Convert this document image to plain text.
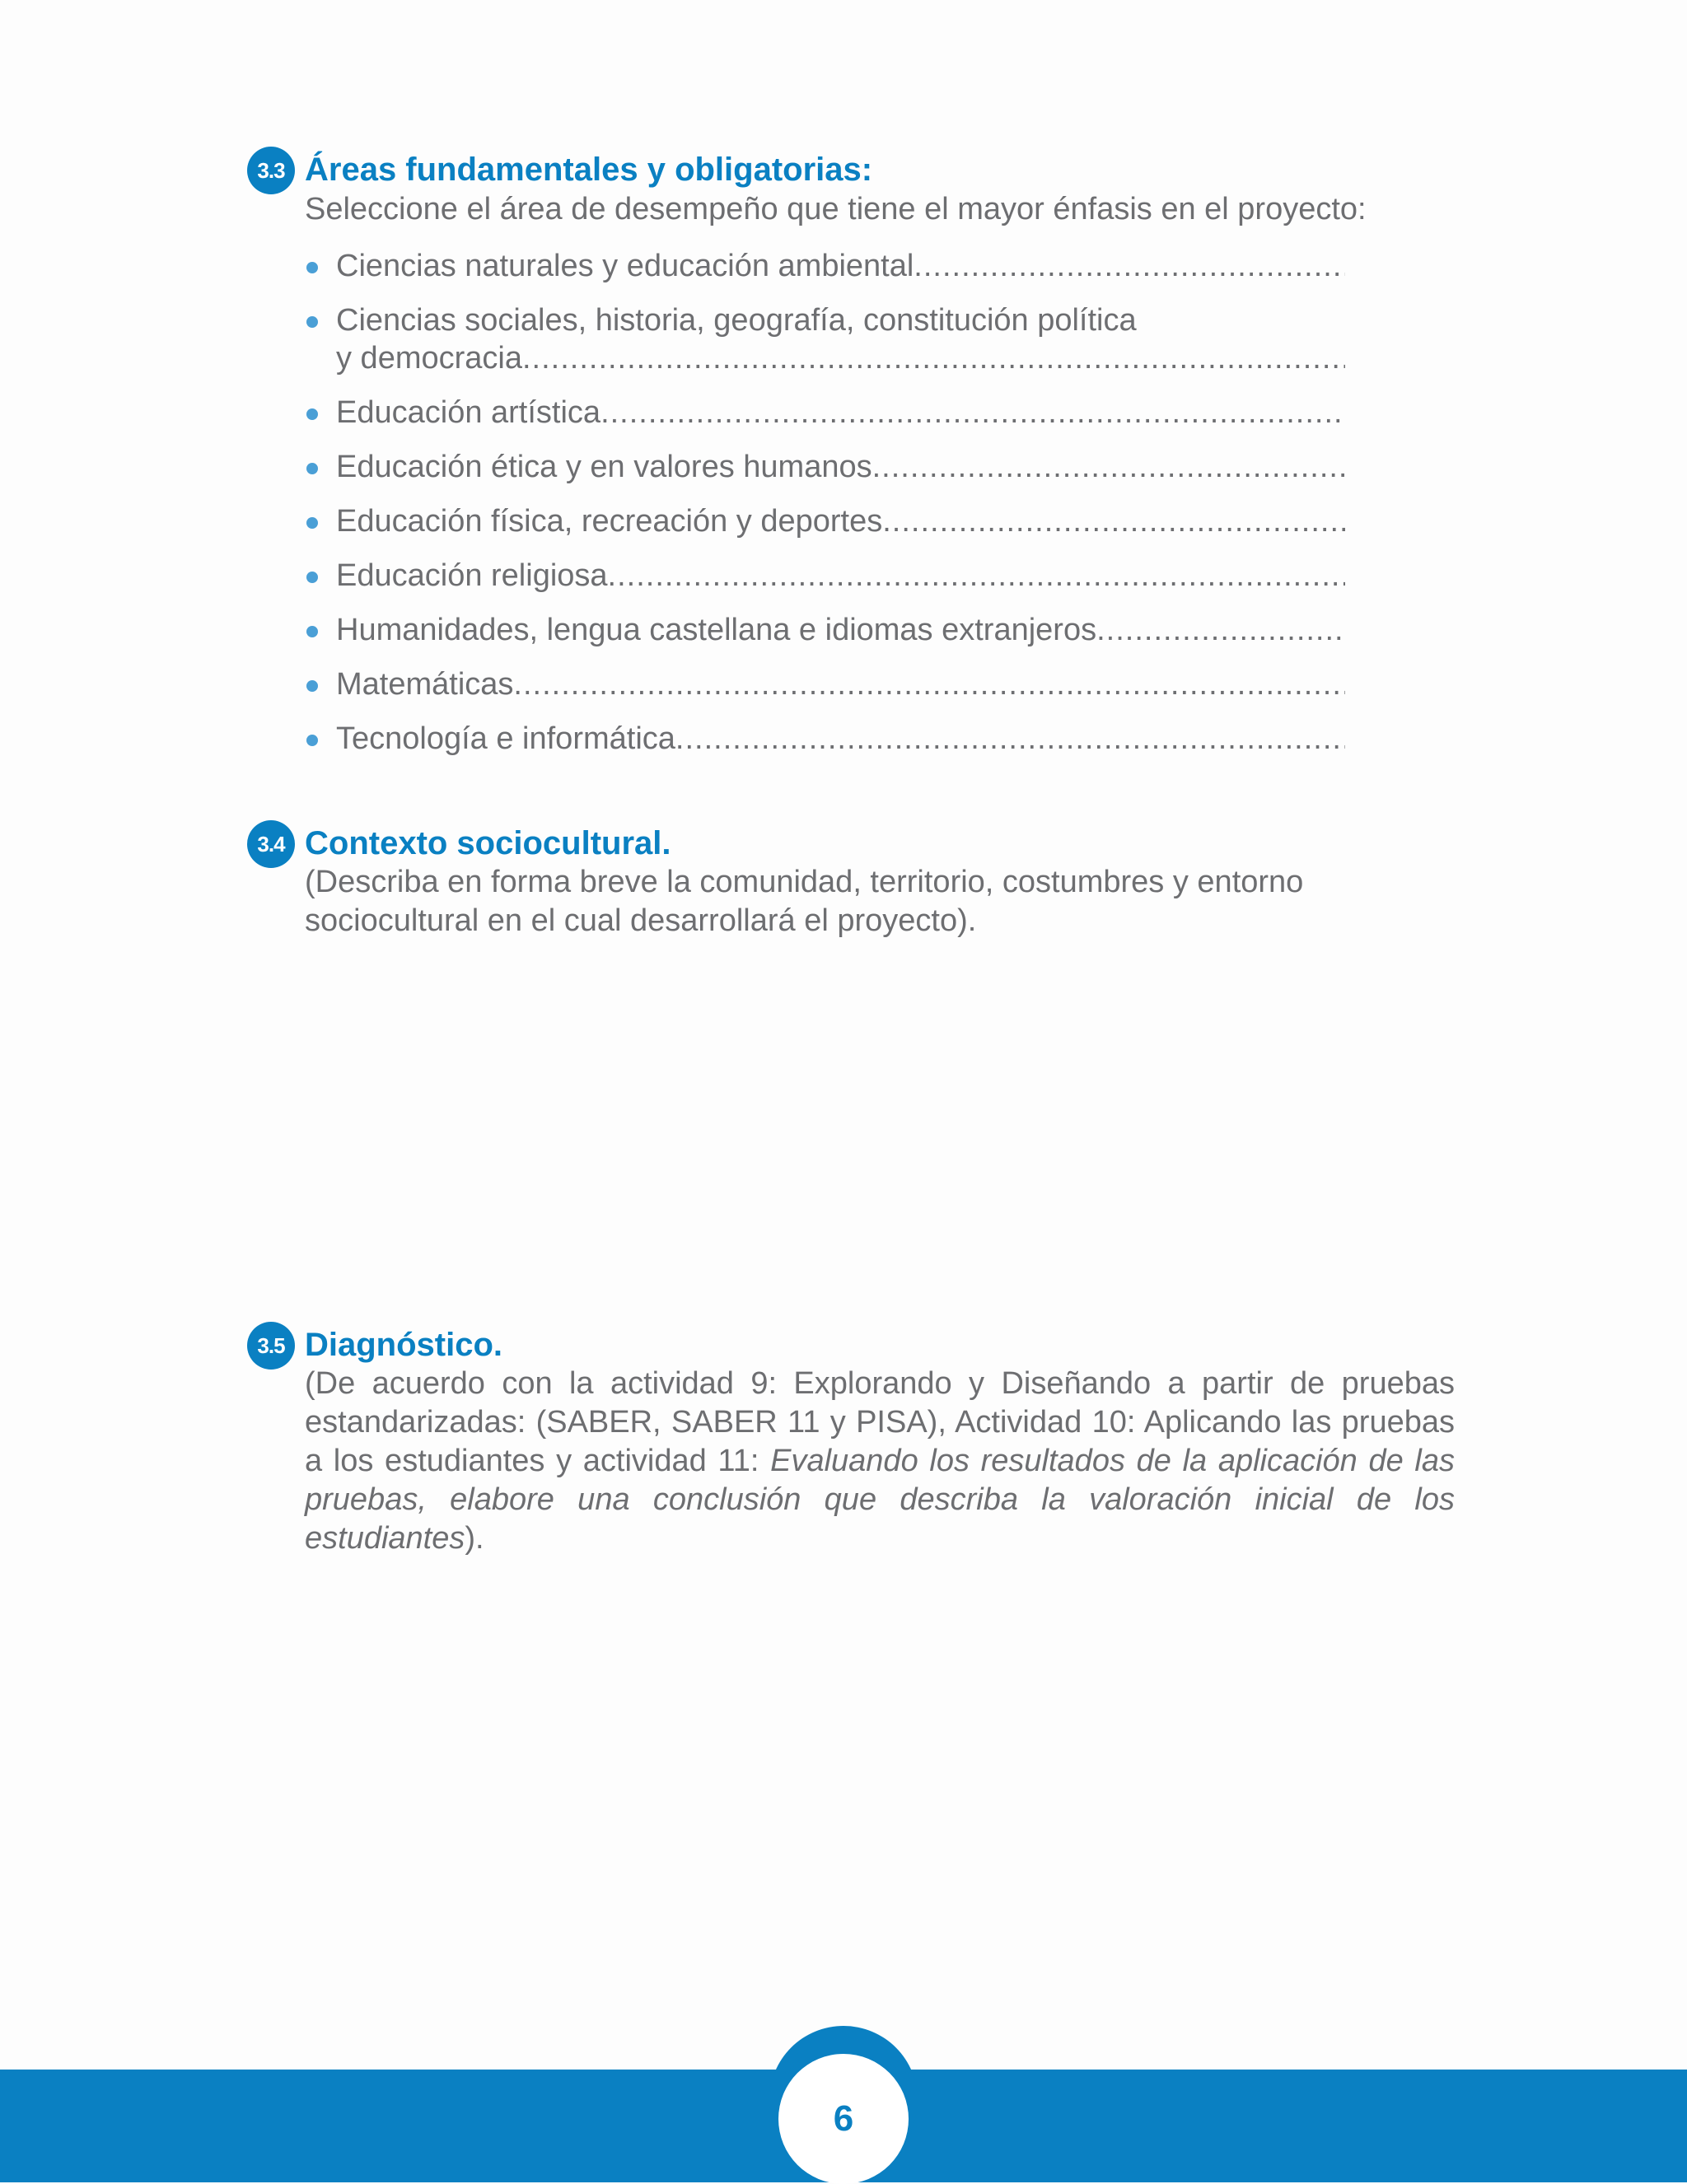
3.3 Áreas fundamentales y obligatorias:
Seleccione el área de desempeño que tiene el mayor énfasis en el proyecto:
Ciencias naturales y educación ambiental
.....
Ciencias sociales, historia, geografía, constitución política
y democracia
.....
Educación artística
.....
Educación ética y en valores humanos
.....
Educación física, recreación y deportes
.....
Educación religiosa
.....
Humanidades, lengua castellana e idiomas extranjeros
.....
Matemáticas
.....
Tecnología e informática
.....
3.4 Contexto sociocultural.
(Describa en forma breve la comunidad, territorio, costumbres y entorno sociocultural en el cual desarrollará el proyecto).
3.5 Diagnóstico.
(De acuerdo con la actividad 9: Explorando y Diseñando a partir de pruebas estandarizadas: (SABER, SABER 11 y PISA), Actividad 10: Aplicando las pruebas a los estudiantes y actividad 11: Evaluando los resultados de la aplicación de las pruebas, elabore una conclusión que describa la valoración inicial de los estudiantes).
6
